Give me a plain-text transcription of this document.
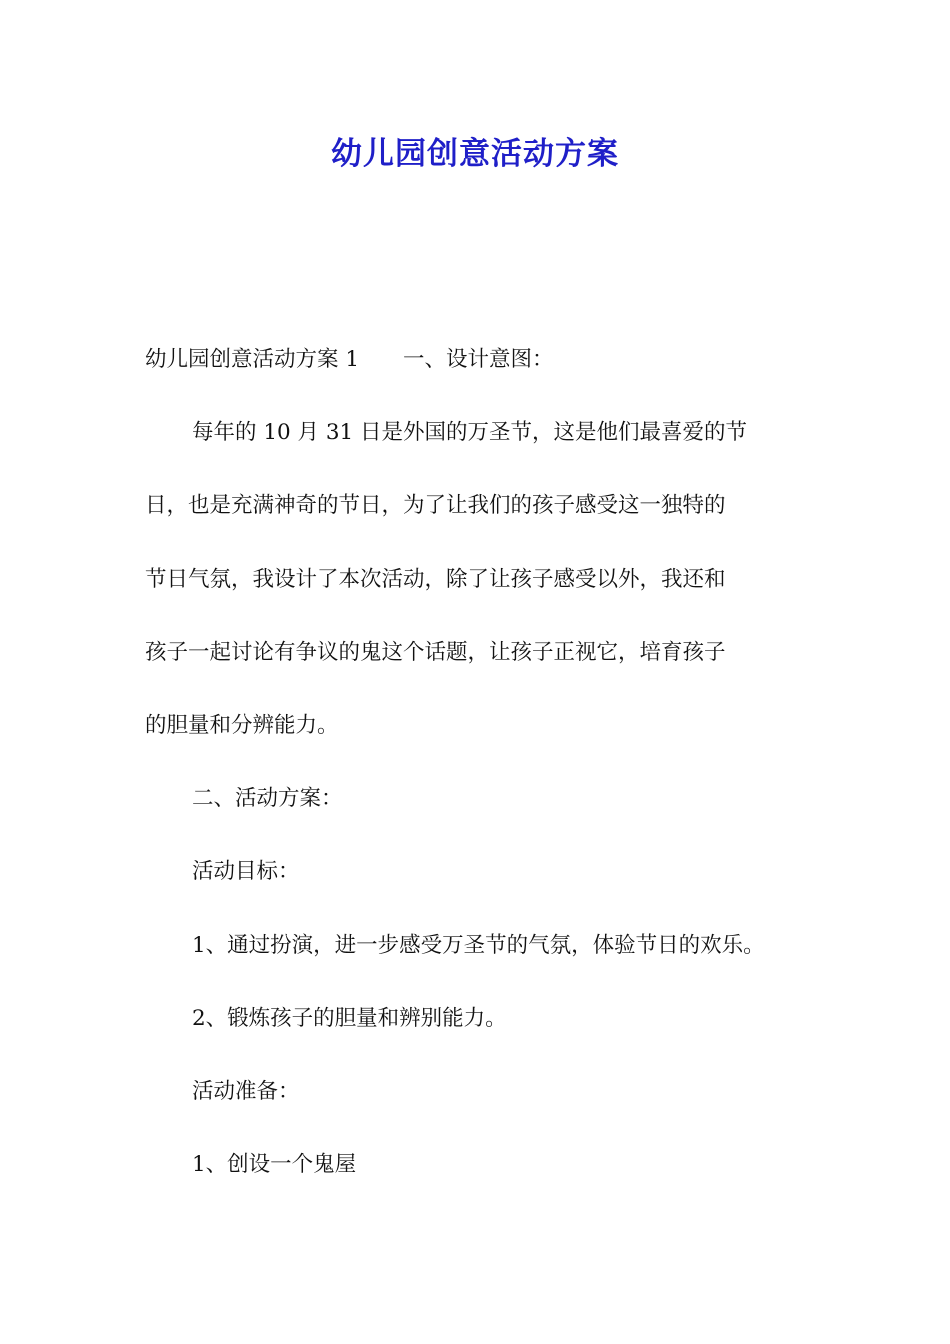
幼儿园创意活动方案
幼儿园创意活动方案 1 一、设计意图：
每年的 10 月 31 日是外国的万圣节，这是他们最喜爱的节
日，也是充满神奇的节日，为了让我们的孩子感受这一独特的
节日气氛，我设计了本次活动，除了让孩子感受以外，我还和
孩子一起讨论有争议的鬼这个话题，让孩子正视它，培育孩子
的胆量和分辨能力。
二、活动方案：
活动目标：
1、通过扮演，进一步感受万圣节的气氛，体验节日的欢乐。
2、锻炼孩子的胆量和辨别能力。
活动准备：
1、创设一个鬼屋
